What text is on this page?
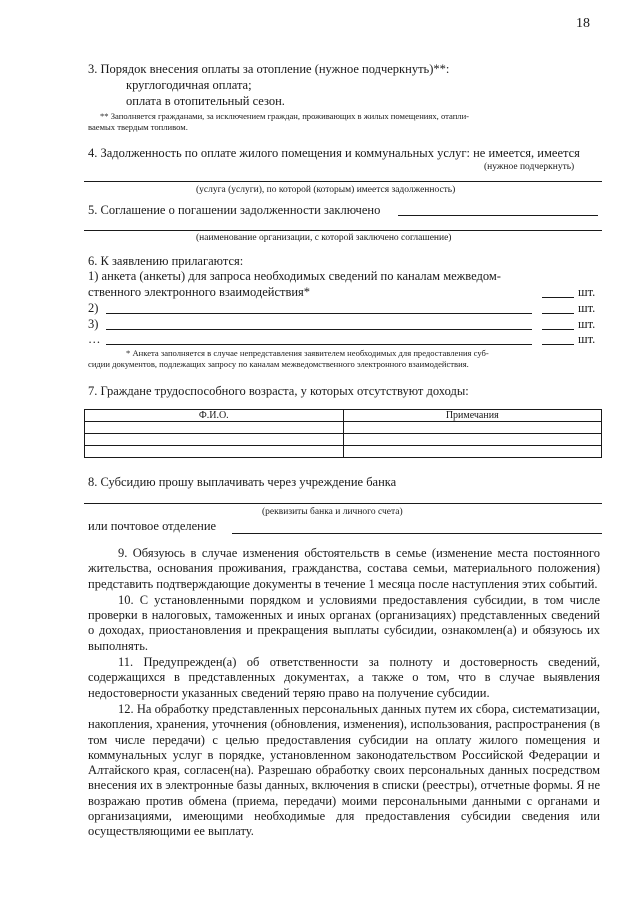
18
3. Порядок внесения оплаты за отопление (нужное подчеркнуть)**:
круглогодичная оплата;
оплата в отопительный сезон.
** Заполняется гражданами, за исключением граждан, проживающих в жилых помещениях, отапли-
ваемых твердым топливом.
4. Задолженность по оплате жилого помещения и коммунальных услуг: не имеется, имеется
(нужное подчеркнуть)
(услуга (услуги), по которой (которым) имеется задолженность)
5. Соглашение о погашении задолженности заключено
(наименование организации, с которой заключено соглашение)
6. К заявлению прилагаются:
1) анкета (анкеты) для запроса необходимых сведений по каналам межведом-
ственного электронного взаимодействия*	шт.
2)	шт.
3)	шт.
…	шт.
* Анкета заполняется в случае непредставления заявителем необходимых для предоставления суб-
сидии документов, подлежащих запросу по каналам межведомственного электронного взаимодействия.
7. Граждане трудоспособного возраста, у которых отсутствуют доходы:
Ф.И.О.	Примечания

8. Субсидию прошу выплачивать через учреждение банка
(реквизиты банка и личного счета)
или почтовое отделение

9. Обязуюсь в случае изменения обстоятельств в семье (изменение места постоянного жительства, основания проживания, гражданства, состава семьи, материального положения) представить подтверждающие документы в течение 1 месяца после наступления этих событий.

10. С установленными порядком и условиями предоставления субсидии, в том числе проверки в налоговых, таможенных и иных органах (организациях) представленных сведений о доходах, приостановления и прекращения выплаты субсидии, ознакомлен(а) и обязуюсь их выполнять.

11. Предупрежден(а) об ответственности за полноту и достоверность сведений, содержащихся в представленных документах, а также о том, что в случае выявления недостоверности указанных сведений теряю право на получение субсидии.

12. На обработку представленных персональных данных путем их сбора, систематизации, накопления, хранения, уточнения (обновления, изменения), использования, распространения (в том числе передачи) с целью предоставления субсидии на оплату жилого помещения и коммунальных услуг в порядке, установленном законодательством Российской Федерации и Алтайского края, согласен(на). Разрешаю обработку своих персональных данных посредством внесения их в электронные базы данных, включения в списки (реестры), отчетные формы. Я не возражаю против обмена (приема, передачи) моими персональными данными с органами и организациями, имеющими необходимые для предоставления субсидии сведения или осуществляющими ее выплату.
